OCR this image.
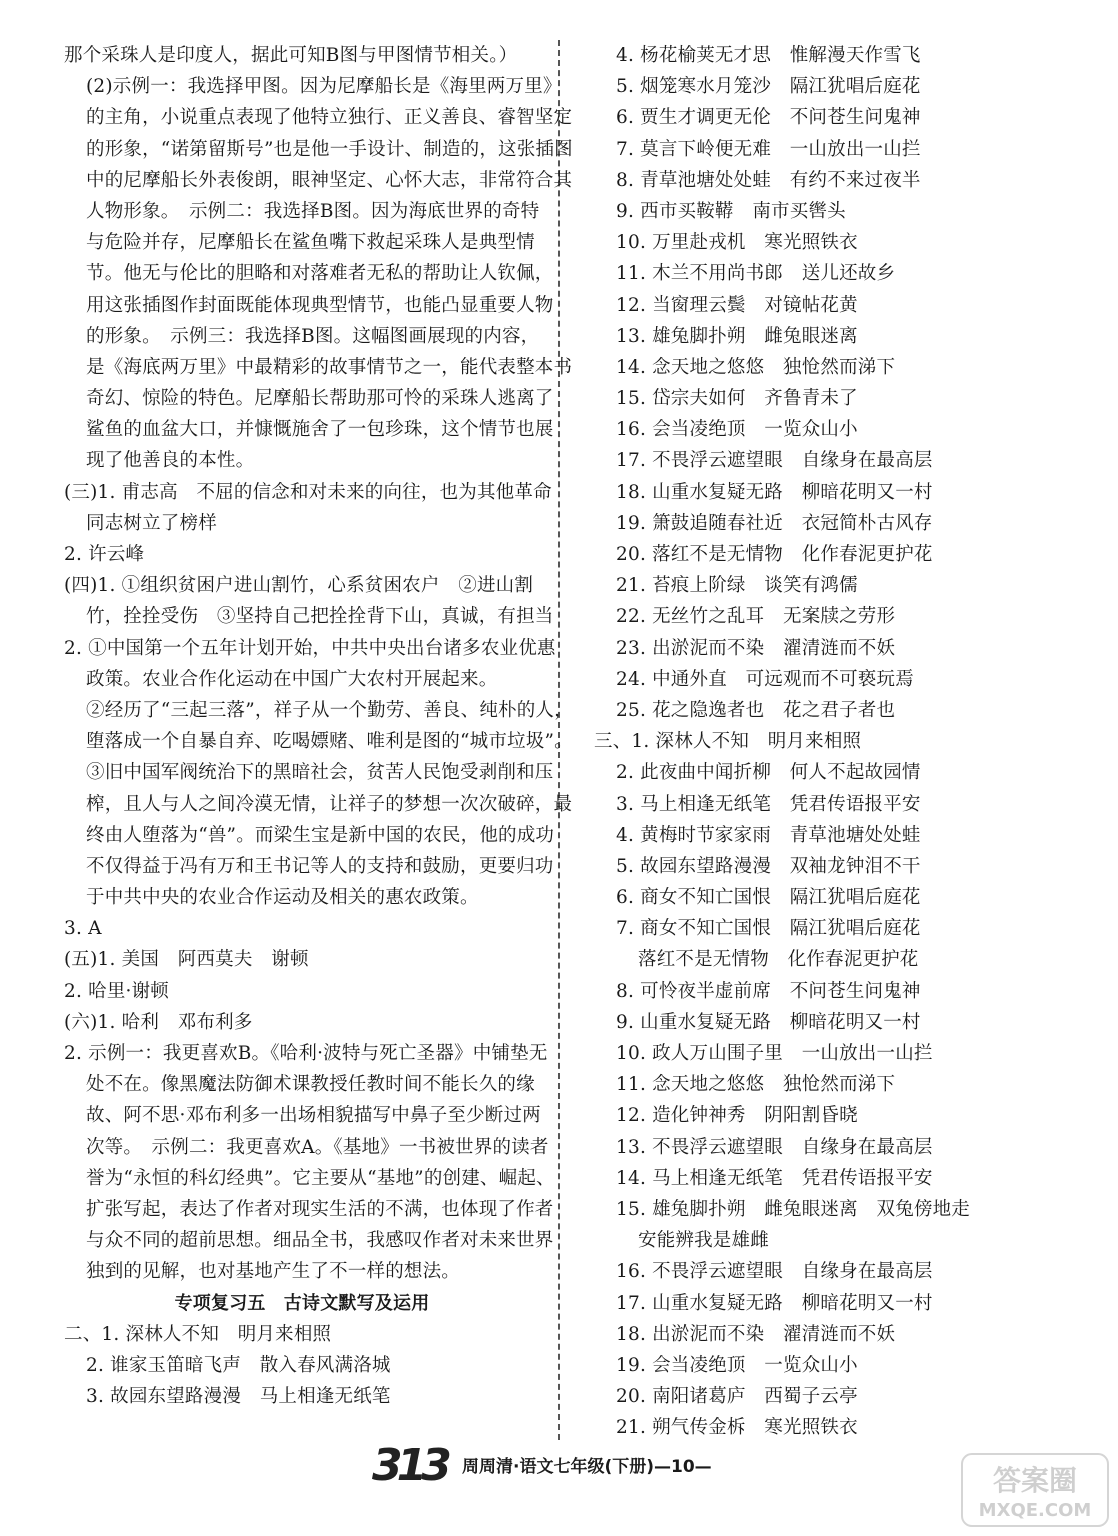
那个采珠人是印度人，据此可知B图与甲图情节相关。）
(2)示例一：我选择甲图。因为尼摩船长是《海里两万里》
的主角，小说重点表现了他特立独行、正义善良、睿智坚定
的形象，“诺第留斯号”也是他一手设计、制造的，这张插图
中的尼摩船长外表俊朗，眼神坚定、心怀大志，非常符合其
人物形象。　示例二：我选择B图。因为海底世界的奇特
与危险并存，尼摩船长在鲨鱼嘴下救起采珠人是典型情
节。他无与伦比的胆略和对落难者无私的帮助让人钦佩，
用这张插图作封面既能体现典型情节，也能凸显重要人物
的形象。　示例三：我选择B图。这幅图画展现的内容，
是《海底两万里》中最精彩的故事情节之一，能代表整本书
奇幻、惊险的特色。尼摩船长帮助那可怜的采珠人逃离了
鲨鱼的血盆大口，并慷慨施舍了一包珍珠，这个情节也展
现了他善良的本性。
(三)1. 甫志高　不屈的信念和对未来的向往，也为其他革命
同志树立了榜样
2. 许云峰
(四)1. ①组织贫困户进山割竹，心系贫困农户　②进山割
竹，拴拴受伤　③坚持自己把拴拴背下山，真诚，有担当
2. ①中国第一个五年计划开始，中共中央出台诸多农业优惠
政策。农业合作化运动在中国广大农村开展起来。
②经历了“三起三落”，祥子从一个勤劳、善良、纯朴的人，
堕落成一个自暴自弃、吃喝嫖赌、唯利是图的“城市垃圾”。
③旧中国军阀统治下的黑暗社会，贫苦人民饱受剥削和压
榨，且人与人之间冷漠无情，让祥子的梦想一次次破碎，最
终由人堕落为“兽”。而梁生宝是新中国的农民，他的成功
不仅得益于冯有万和王书记等人的支持和鼓励，更要归功
于中共中央的农业合作运动及相关的惠农政策。
3. A
(五)1. 美国　阿西莫夫　谢顿
2. 哈里·谢顿
(六)1. 哈利　邓布利多
2. 示例一：我更喜欢B。《哈利·波特与死亡圣器》中铺垫无
处不在。像黑魔法防御术课教授任教时间不能长久的缘
故、阿不思·邓布利多一出场相貌描写中鼻子至少断过两
次等。　示例二：我更喜欢A。《基地》一书被世界的读者
誉为“永恒的科幻经典”。它主要从“基地”的创建、崛起、
扩张写起，表达了作者对现实生活的不满，也体现了作者
与众不同的超前思想。细品全书，我感叹作者对未来世界
独到的见解，也对基地产生了不一样的想法。
专项复习五　古诗文默写及运用
二、1. 深林人不知　明月来相照
2. 谁家玉笛暗飞声　散入春风满洛城
3. 故园东望路漫漫　马上相逢无纸笔
4. 杨花榆荚无才思　惟解漫天作雪飞
5. 烟笼寒水月笼沙　隔江犹唱后庭花
6. 贾生才调更无伦　不问苍生问鬼神
7. 莫言下岭便无难　一山放出一山拦
8. 青草池塘处处蛙　有约不来过夜半
9. 西市买鞍鞯　南市买辔头
10. 万里赴戎机　寒光照铁衣
11. 木兰不用尚书郎　送儿还故乡
12. 当窗理云鬓　对镜帖花黄
13. 雄兔脚扑朔　雌兔眼迷离
14. 念天地之悠悠　独怆然而涕下
15. 岱宗夫如何　齐鲁青未了
16. 会当凌绝顶　一览众山小
17. 不畏浮云遮望眼　自缘身在最高层
18. 山重水复疑无路　柳暗花明又一村
19. 箫鼓追随春社近　衣冠简朴古风存
20. 落红不是无情物　化作春泥更护花
21. 苔痕上阶绿　谈笑有鸿儒
22. 无丝竹之乱耳　无案牍之劳形
23. 出淤泥而不染　濯清涟而不妖
24. 中通外直　可远观而不可亵玩焉
25. 花之隐逸者也　花之君子者也
三、1. 深林人不知　明月来相照
2. 此夜曲中闻折柳　何人不起故园情
3. 马上相逢无纸笔　凭君传语报平安
4. 黄梅时节家家雨　青草池塘处处蛙
5. 故园东望路漫漫　双袖龙钟泪不干
6. 商女不知亡国恨　隔江犹唱后庭花
7. 商女不知亡国恨　隔江犹唱后庭花
落红不是无情物　化作春泥更护花
8. 可怜夜半虚前席　不问苍生问鬼神
9. 山重水复疑无路　柳暗花明又一村
10. 政人万山围子里　一山放出一山拦
11. 念天地之悠悠　独怆然而涕下
12. 造化钟神秀　阴阳割昏晓
13. 不畏浮云遮望眼　自缘身在最高层
14. 马上相逢无纸笔　凭君传语报平安
15. 雄兔脚扑朔　雌兔眼迷离　双兔傍地走
安能辨我是雄雌
16. 不畏浮云遮望眼　自缘身在最高层
17. 山重水复疑无路　柳暗花明又一村
18. 出淤泥而不染　濯清涟而不妖
19. 会当凌绝顶　一览众山小
20. 南阳诸葛庐　西蜀子云亭
21. 朔气传金柝　寒光照铁衣
313 周周清·语文七年级(下册)—10—	答案圈
MXQE.COM
